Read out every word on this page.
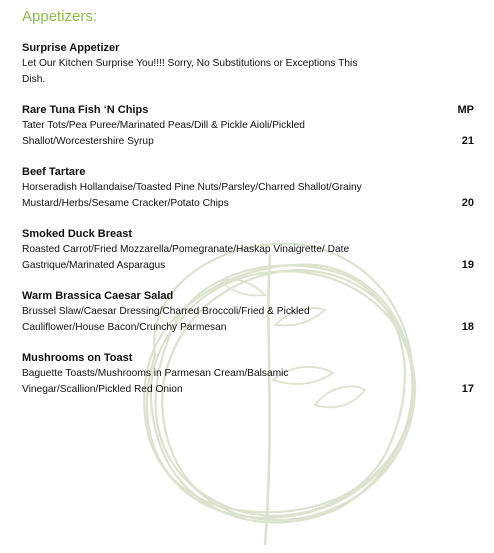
Appetizers:
Surprise Appetizer
Let Our Kitchen Surprise You!!!! Sorry, No Substitutions or Exceptions This Dish.
MP
Rare Tuna Fish ‘N Chips
Tater Tots/Pea Puree/Marinated Peas/Dill & Pickle Aioli/Pickled Shallot/Worcestershire Syrup	21
Beef Tartare
Horseradish Hollandaise/Toasted Pine Nuts/Parsley/Charred Shallot/Grainy Mustard/Herbs/Sesame Cracker/Potato Chips	20
Smoked Duck Breast
Roasted Carrot/Fried Mozzarella/Pomegranate/Haskap Vinaigrette/ Date Gastrique/Marinated Asparagus	19
Warm Brassica Caesar Salad
Brussel Slaw/Caesar Dressing/Charred Broccoli/Fried & Pickled Cauliflower/House Bacon/Crunchy Parmesan	18
Mushrooms on Toast
Baguette Toasts/Mushrooms in Parmesan Cream/Balsamic Vinegar/Scallion/Pickled Red Onion	17
